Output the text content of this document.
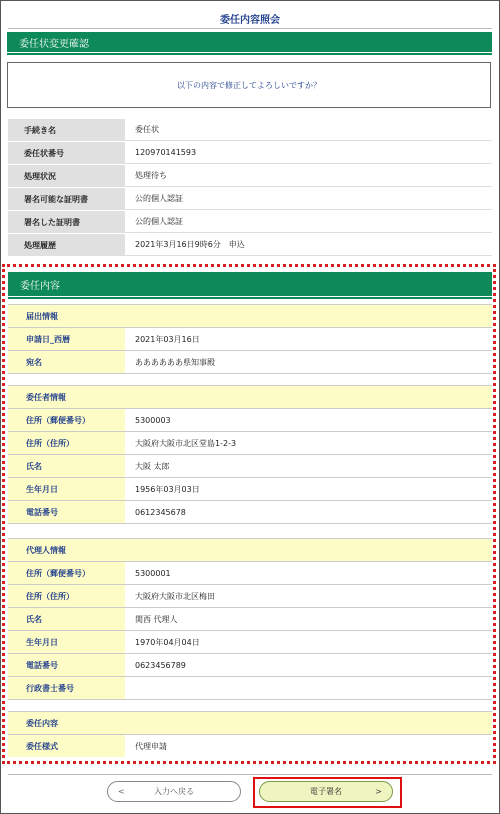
委任内容照会
委任状変更確認
以下の内容で修正してよろしいですか？
手続き名	委任状
委任状番号	120970141593
処理状況	処理待ち
署名可能な証明書	公的個人認証
署名した証明書	公的個人認証
処理履歴	2021年3月16日9時6分　申込
委任内容
届出情報
申請日_西暦	2021年03月16日
宛名	ああああああ県知事殿
委任者情報
住所（郵便番号）	5300003
住所（住所）	大阪府大阪市北区堂島1-2-3
氏名	大阪 太郎
生年月日	1956年03月03日
電話番号	0612345678
代理人情報
住所（郵便番号）	5300001
住所（住所）	大阪府大阪市北区梅田
氏名	関西 代理人
生年月日	1970年04月04日
電話番号	0623456789
行政書士番号
委任内容
委任様式	代理申請
<	入力へ戻る	電子署名	>
